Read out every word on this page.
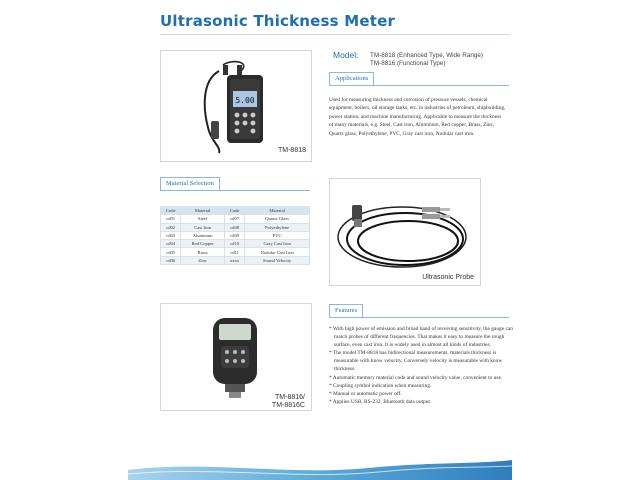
Ultrasonic Thickness Meter
5.00
TM-8818
Model: TM-8818 (Enhanced Type, Wide Range)
TM-8816 (Functional Type)
Applications
Used for measuring thickness and corrosion of pressure vessels, chemical equipment, boilers, oil storage tanks, etc. in industries of petroleum, shipbuilding, power station, and machine manufacturing. Applicable to measure the thickness of many materials, e.g. Steel, Cast iron, Aluminum, Red copper, Brass, Zinc, Quartz glass, Polyethylene, PVC, Gray cast iron, Nodular cast iron.
Material Selection
Code	Material	Code	Material
cd01	Steel	cd07	Quartz Glass
cd02	Cast Iron	cd08	Polyethylene
cd03	Aluminum	cd09	PVC
cd04	Red Copper	cd10	Gray Cast Iron
cd05	Brass	cd11	Nodular Cast Iron
cd06	Zinc	xxxx	Sound Velocity
Ultrasonic Probe
TM-8816/
TM-8816C
Features
* With high power of emission and broad band of receiving sensitivity, the gauge can match probes of different frequencies. That makes it easy to measure the rough surface, even cast iron. It is widely used in almost all kinds of industries.
* The model TM-8818 has bidirectional measurements, materials thickness is measurable with know velocity. Conversely velocity is measurable with know thickness.
* Automatic memory material code and sound velocity value, convenient to use.
* Coupling symbol indication when measuring.
* Manual or automatic power off.
* Applies USB, RS-232, Bluetooth data output.
